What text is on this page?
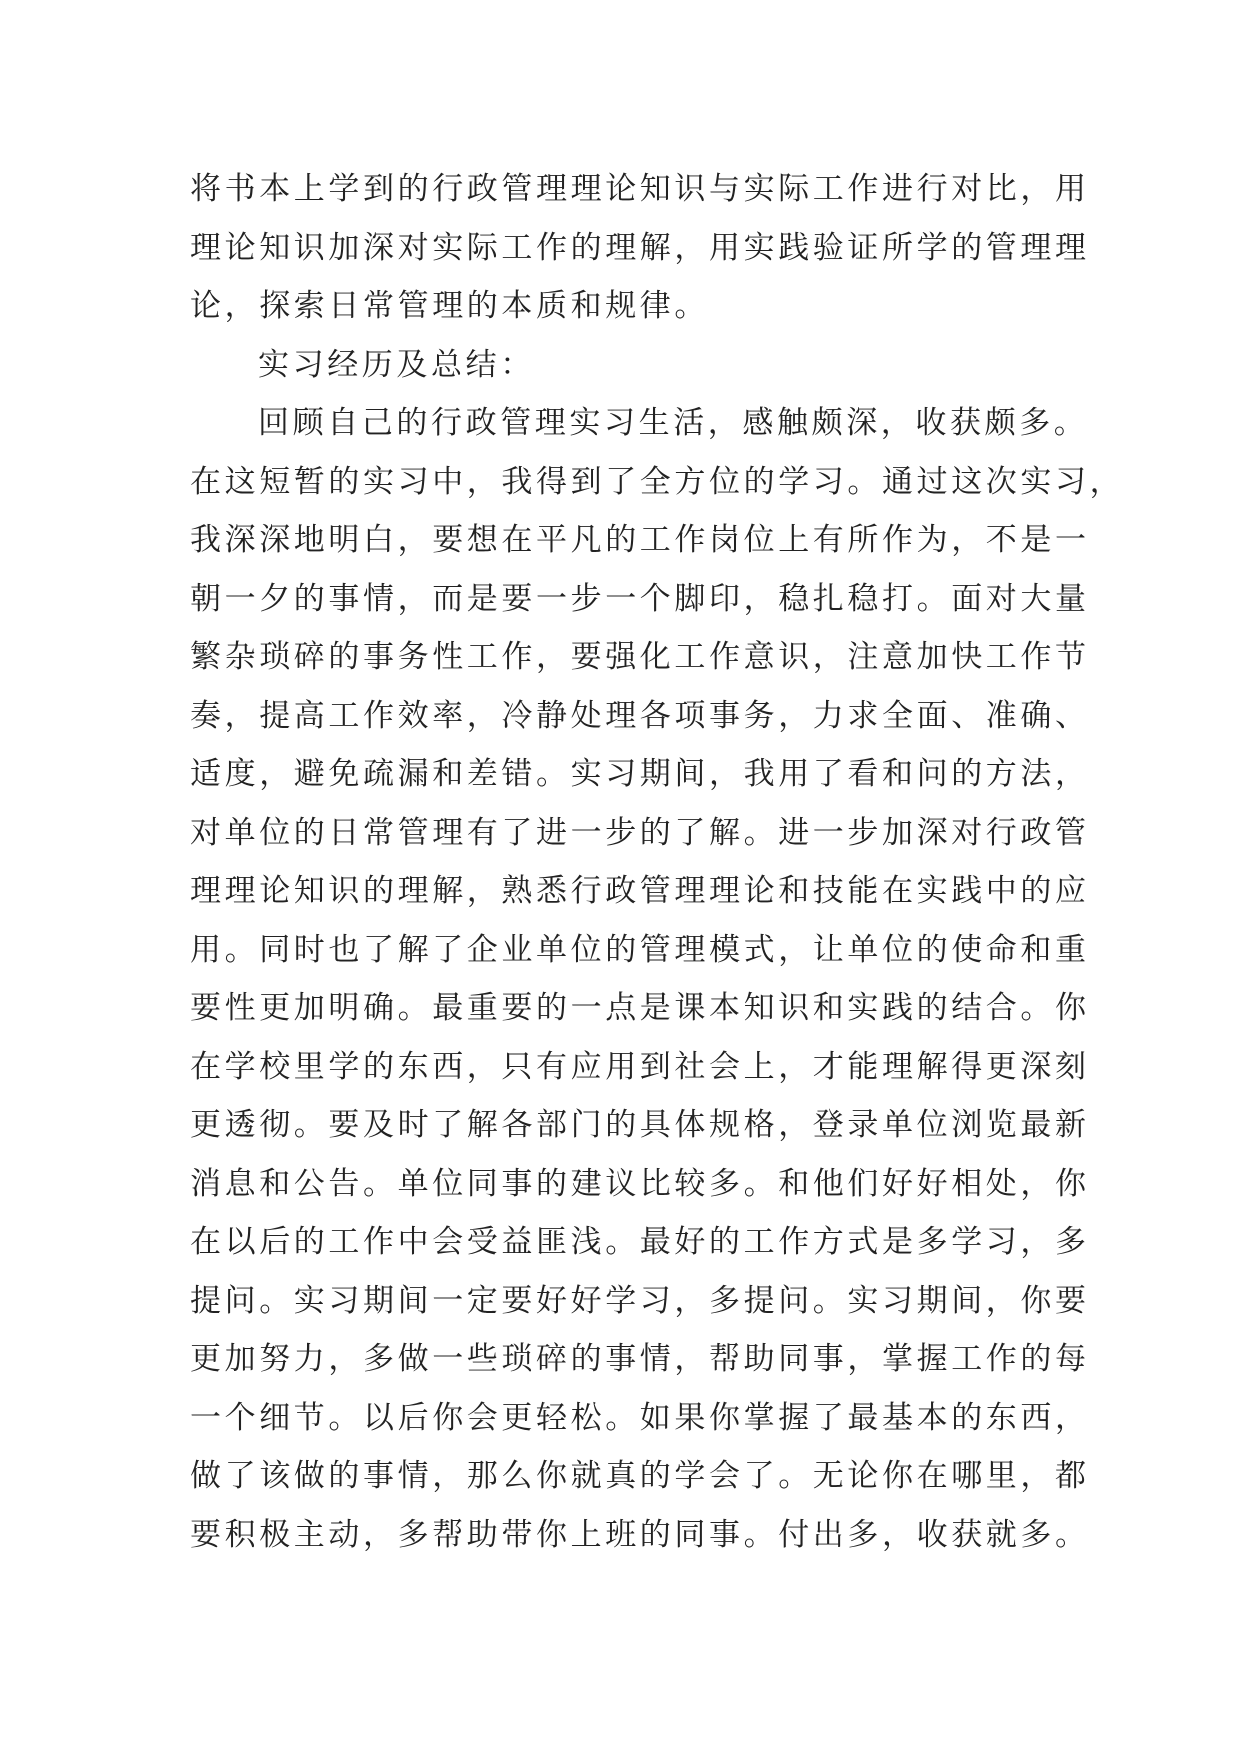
将书本上学到的行政管理理论知识与实际工作进行对比，用
理论知识加深对实际工作的理解，用实践验证所学的管理理
论，探索日常管理的本质和规律。
实习经历及总结：
回顾自己的行政管理实习生活，感触颇深，收获颇多。
在这短暂的实习中，我得到了全方位的学习。通过这次实习，
我深深地明白，要想在平凡的工作岗位上有所作为，不是一
朝一夕的事情，而是要一步一个脚印，稳扎稳打。面对大量
繁杂琐碎的事务性工作，要强化工作意识，注意加快工作节
奏，提高工作效率，冷静处理各项事务，力求全面、准确、
适度，避免疏漏和差错。实习期间，我用了看和问的方法，
对单位的日常管理有了进一步的了解。进一步加深对行政管
理理论知识的理解，熟悉行政管理理论和技能在实践中的应
用。同时也了解了企业单位的管理模式，让单位的使命和重
要性更加明确。最重要的一点是课本知识和实践的结合。你
在学校里学的东西，只有应用到社会上，才能理解得更深刻
更透彻。要及时了解各部门的具体规格，登录单位浏览最新
消息和公告。单位同事的建议比较多。和他们好好相处，你
在以后的工作中会受益匪浅。最好的工作方式是多学习，多
提问。实习期间一定要好好学习，多提问。实习期间，你要
更加努力，多做一些琐碎的事情，帮助同事，掌握工作的每
一个细节。以后你会更轻松。如果你掌握了最基本的东西，
做了该做的事情，那么你就真的学会了。无论你在哪里，都
要积极主动，多帮助带你上班的同事。付出多，收获就多。
